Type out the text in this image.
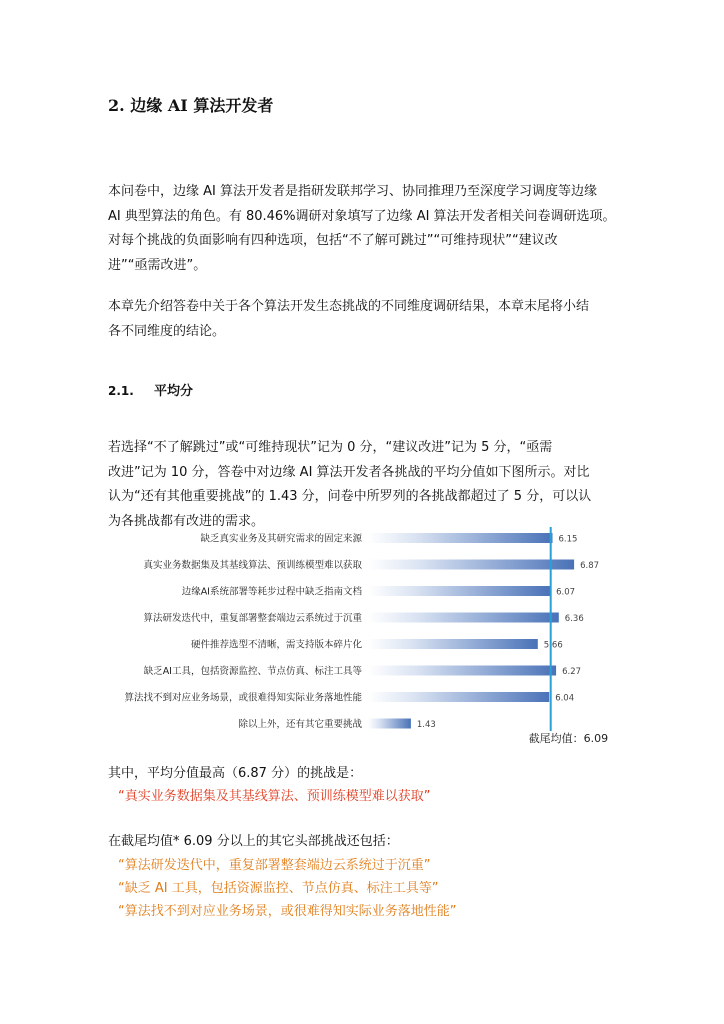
2. 边缘 AI 算法开发者
本问卷中，边缘 AI 算法开发者是指研发联邦学习、协同推理乃至深度学习调度等边缘
AI 典型算法的角色。有 80.46%调研对象填写了边缘 AI 算法开发者相关问卷调研选项。
对每个挑战的负面影响有四种选项，包括“不了解可跳过”“可维持现状”“建议改
进”“亟需改进”。
本章先介绍答卷中关于各个算法开发生态挑战的不同维度调研结果，本章末尾将小结
各不同维度的结论。
2.1. 平均分
若选择“不了解跳过”或“可维持现状”记为 0 分，“建议改进”记为 5 分，“亟需
改进”记为 10 分，答卷中对边缘 AI 算法开发者各挑战的平均分值如下图所示。对比
认为“还有其他重要挑战”的 1.43 分，问卷中所罗列的各挑战都超过了 5 分，可以认
为各挑战都有改进的需求。
缺乏真实业务及其研究需求的固定来源	6.15
真实业务数据集及其基线算法、预训练模型难以获取	6.87
边缘AI系统部署等耗步过程中缺乏指南文档	6.07
算法研发迭代中，重复部署整套端边云系统过于沉重	6.36
硬件推荐选型不清晰，需支持版本碎片化	5.66
缺乏AI工具，包括资源监控、节点仿真、标注工具等	6.27
算法找不到对应业务场景，或很难得知实际业务落地性能	6.04
除以上外，还有其它重要挑战	1.43
截尾均值：6.09
其中，平均分值最高（6.87 分）的挑战是：
“真实业务数据集及其基线算法、预训练模型难以获取”
在截尾均值* 6.09 分以上的其它头部挑战还包括：
“算法研发迭代中，重复部署整套端边云系统过于沉重”
“缺乏 AI 工具，包括资源监控、节点仿真、标注工具等”
“算法找不到对应业务场景，或很难得知实际业务落地性能”
